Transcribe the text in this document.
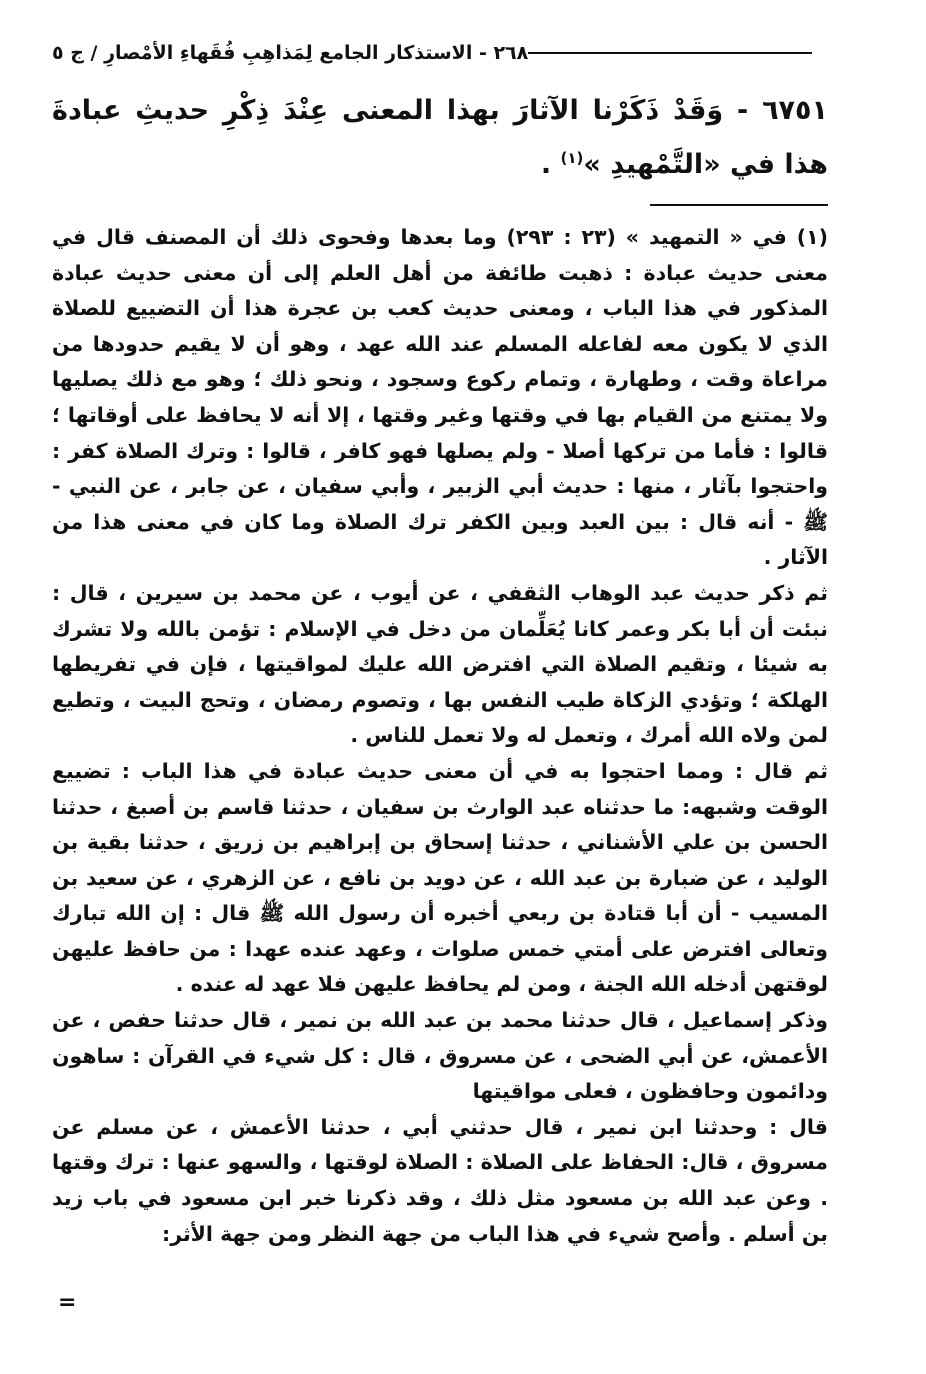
٢٦٨ - الاستذكار الجامع لِمَذاهِبِ فُقَهاءِ الأمْصارِ / ج ٥
٦٧٥١ - وَقَدْ ذَكَرْنا الآثارَ بهذا المعنى عِنْدَ ذِكْرِ حديثِ عبادةَ هذا في «التَّمْهيدِ »$^{(١)}$ .

(١) في « التمهيد » (٢٣ : ٢٩٣) وما بعدها وفحوى ذلك أن المصنف قال في معنى حديث عبادة : ذهبت طائفة من أهل العلم إلى أن معنى حديث عبادة المذكور في هذا الباب ، ومعنى حديث كعب بن عجرة هذا أن التضييع للصلاة الذي لا يكون معه لفاعله المسلم عند الله عهد ، وهو أن لا يقيم حدودها من مراعاة وقت ، وطهارة ، وتمام ركوع وسجود ، ونحو ذلك ؛ وهو مع ذلك يصليها ولا يمتنع من القيام بها في وقتها وغير وقتها ، إلا أنه لا يحافظ على أوقاتها ؛ قالوا : فأما من تركها أصلا - ولم يصلها فهو كافر ، قالوا : وترك الصلاة كفر : واحتجوا بآثار ، منها : حديث أبي الزبير ، وأبي سفيان ، عن جابر ، عن النبي - ﷺ - أنه قال : بين العبد وبين الكفر ترك الصلاة وما كان في معنى هذا من الآثار .

ثم ذكر حديث عبد الوهاب الثقفي ، عن أيوب ، عن محمد بن سيرين ، قال : نبئت أن أبا بكر وعمر كانا يُعَلِّمان من دخل في الإسلام : تؤمن بالله ولا تشرك به شيئا ، وتقيم الصلاة التي افترض الله عليك لمواقيتها ، فإن في تفريطها الهلكة ؛ وتؤدي الزكاة طيب النفس بها ، وتصوم رمضان ، وتحج البيت ، وتطيع لمن ولاه الله أمرك ، وتعمل له ولا تعمل للناس .

ثم قال : ومما احتجوا به في أن معنى حديث عبادة في هذا الباب : تضييع الوقت وشبهه: ما حدثناه عبد الوارث بن سفيان ، حدثنا قاسم بن أصبغ ، حدثنا الحسن بن علي الأشناني ، حدثنا إسحاق بن إبراهيم بن زريق ، حدثنا بقية بن الوليد ، عن ضبارة بن عبد الله ، عن دويد بن نافع ، عن الزهري ، عن سعيد بن المسيب - أن أبا قتادة بن ربعي أخبره أن رسول الله ﷺ قال : إن الله تبارك وتعالى افترض على أمتي خمس صلوات ، وعهد عنده عهدا : من حافظ عليهن لوقتهن أدخله الله الجنة ، ومن لم يحافظ عليهن فلا عهد له عنده .

وذكر إسماعيل ، قال حدثنا محمد بن عبد الله بن نمير ، قال حدثنا حفص ، عن الأعمش، عن أبي الضحى ، عن مسروق ، قال : كل شيء في القرآن : ساهون ودائمون وحافظون ، فعلى مواقيتها

قال : وحدثنا ابن نمير ، قال حدثني أبي ، حدثنا الأعمش ، عن مسلم عن مسروق ، قال: الحفاظ على الصلاة : الصلاة لوقتها ، والسهو عنها : ترك وقتها . وعن عبد الله بن مسعود مثل ذلك ، وقد ذكرنا خبر ابن مسعود في باب زيد بن أسلم . وأصح شيء في هذا الباب من جهة النظر ومن جهة الأثر:

=
